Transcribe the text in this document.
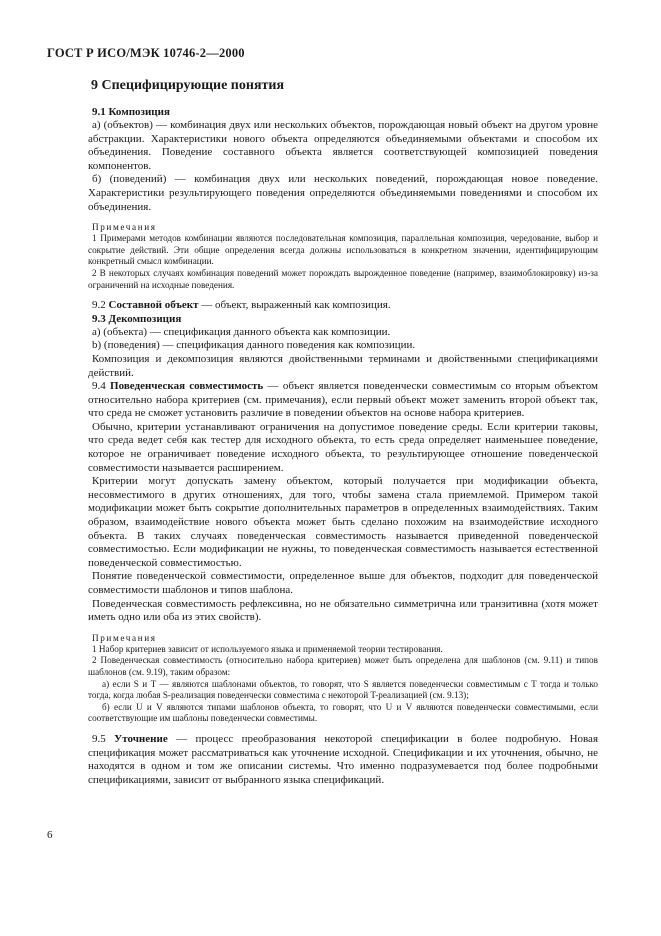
ГОСТ Р ИСО/МЭК 10746-2—2000
9 Специфицирующие понятия
9.1 Композиция

а) (объектов) — комбинация двух или нескольких объектов, порождающая новый объект на другом уровне абстракции. Характеристики нового объекта определяются объединяемыми объектами и способом их объединения. Поведение составного объекта является соответствующей композицией поведения компонентов.

б) (поведений) — комбинация двух или нескольких поведений, порождающая новое поведение. Характеристики результирующего поведения определяются объединяемыми поведениями и способом их объединения.

Примечания

1 Примерами методов комбинации являются последовательная композиция, параллельная композиция, чередование, выбор и сокрытие действий. Эти общие определения всегда должны использоваться в конкретном значении, идентифицирующим конкретный смысл комбинации.

2 В некоторых случаях комбинация поведений может порождать вырожденное поведение (например, взаимоблокировку) из-за ограничений на исходные поведения.

9.2 Составной объект — объект, выраженный как композиция.

9.3 Декомпозиция

а) (объекта) — спецификация данного объекта как композиции.

b) (поведения) — спецификация данного поведения как композиции.

Композиция и декомпозиция являются двойственными терминами и двойственными спецификациями действий.

9.4 Поведенческая совместимость — объект является поведенчески совместимым со вторым объектом относительно набора критериев (см. примечания), если первый объект может заменить второй объект так, что среда не сможет установить различие в поведении объектов на основе набора критериев.

Обычно, критерии устанавливают ограничения на допустимое поведение среды. Если критерии таковы, что среда ведет себя как тестер для исходного объекта, то есть среда определяет наименьшее поведение, которое не ограничивает поведение исходного объекта, то результирующее отношение поведенческой совместимости называется расширением.

Критерии могут допускать замену объектом, который получается при модификации объекта, несовместимого в других отношениях, для того, чтобы замена стала приемлемой. Примером такой модификации может быть сокрытие дополнительных параметров в определенных взаимодействиях. Таким образом, взаимодействие нового объекта может быть сделано похожим на взаимодействие исходного объекта. В таких случаях поведенческая совместимость называется приведенной поведенческой совместимостью. Если модификации не нужны, то поведенческая совместимость называется естественной поведенческой совместимостью.

Понятие поведенческой совместимости, определенное выше для объектов, подходит для поведенческой совместимости шаблонов и типов шаблона.

Поведенческая совместимость рефлексивна, но не обязательно симметрична или транзитивна (хотя может иметь одно или оба из этих свойств).

Примечания

1 Набор критериев зависит от используемого языка и применяемой теории тестирования.

2 Поведенческая совместимость (относительно набора критериев) может быть определена для шаблонов (см. 9.11) и типов шаблонов (см. 9.19), таким образом:

а) если S и T — являются шаблонами объектов, то говорят, что S является поведенчески совместимым с T тогда и только тогда, когда любая S-реализация поведенчески совместима с некоторой T-реализацией (см. 9.13);

б) если U и V являются типами шаблонов объекта, то говорят, что U и V являются поведенчески совместимыми, если соответствующие им шаблоны поведенчески совместимы.

9.5 Уточнение — процесс преобразования некоторой спецификации в более подробную. Новая спецификация может рассматриваться как уточнение исходной. Спецификации и их уточнения, обычно, не находятся в одном и том же описании системы. Что именно подразумевается под более подробными спецификациями, зависит от выбранного языка спецификаций.

6
